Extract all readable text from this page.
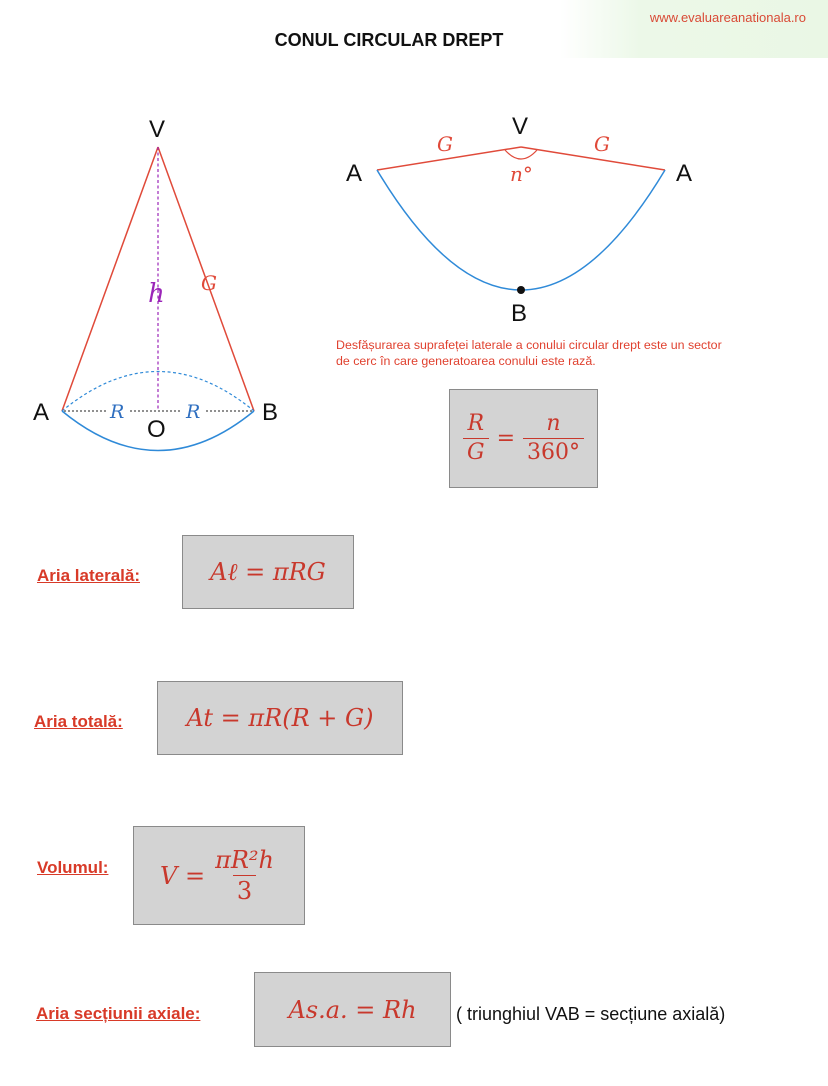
www.evaluareanationala.ro
CONUL CIRCULAR DREPT
V
A	B
O
h G
R	R
V
A	A
B
G	G
n°
Desfășurarea suprafeței laterale a conului circular drept este un sector de cerc în care generatoarea conului este rază.
$\frac{R}{G} = \frac{n}{360^\circ}$
Aria laterală:	Aℓ = πRG
Aria totală:	At = πR(R + G)
Volumul: $V = \frac{\text{πR²h}}{3}$
Aria secțiunii axiale:	As.a. = Rh ( triunghiul VAB = secțiune axială)
